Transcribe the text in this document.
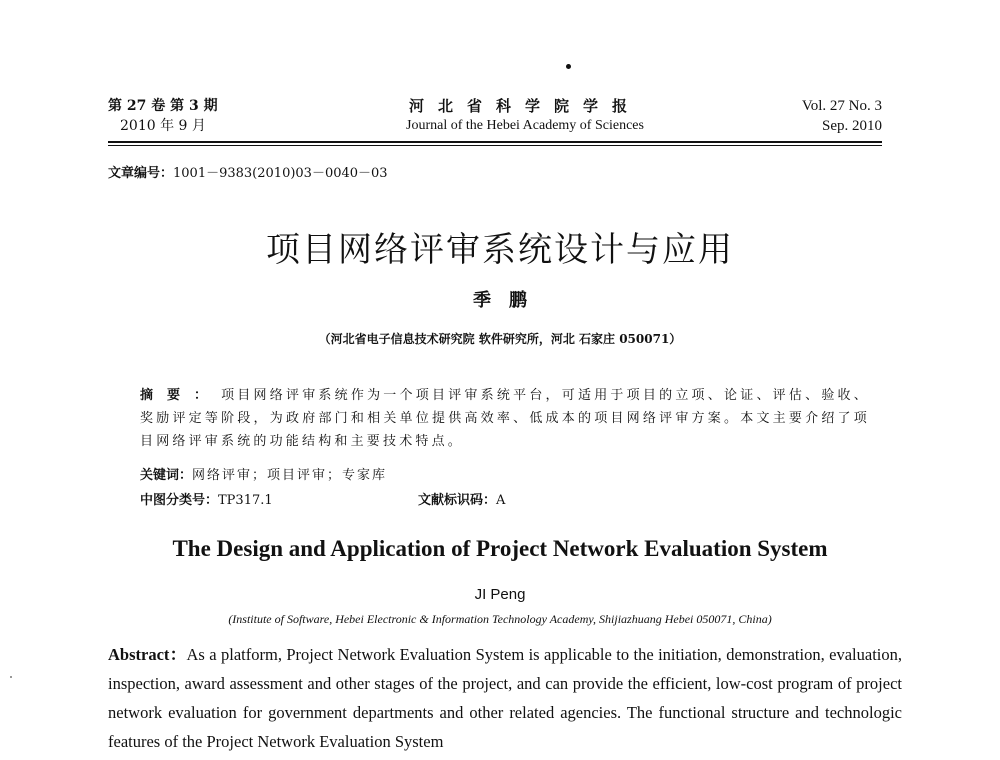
第 27 卷 第 3 期
2010 年 9 月
河北省科学院学报
Journal of the Hebei Academy of Sciences
Vol. 27 No. 3
Sep. 2010
文章编号：1001－9383(2010)03－0040－03
项目网络评审系统设计与应用
季鹏
（河北省电子信息技术研究院 软件研究所，河北 石家庄 050071）
摘要：项目网络评审系统作为一个项目评审系统平台，可适用于项目的立项、论证、评估、验收、奖励评定等阶段，为政府部门和相关单位提供高效率、低成本的项目网络评审方案。本文主要介绍了项目网络评审系统的功能结构和主要技术特点。
关键词：网络评审；项目评审；专家库
中图分类号：TP317.1	文献标识码：A
The Design and Application of Project Network Evaluation System
JI Peng
(Institute of Software, Hebei Electronic & Information Technology Academy, Shijiazhuang Hebei 050071, China)
Abstract：As a platform, Project Network Evaluation System is applicable to the initiation, demonstration, evaluation, inspection, award assessment and other stages of the project, and can provide the efficient, low-cost program of project network evaluation for government departments and other related agencies. The functional structure and technologic features of the Project Network Evaluation System
